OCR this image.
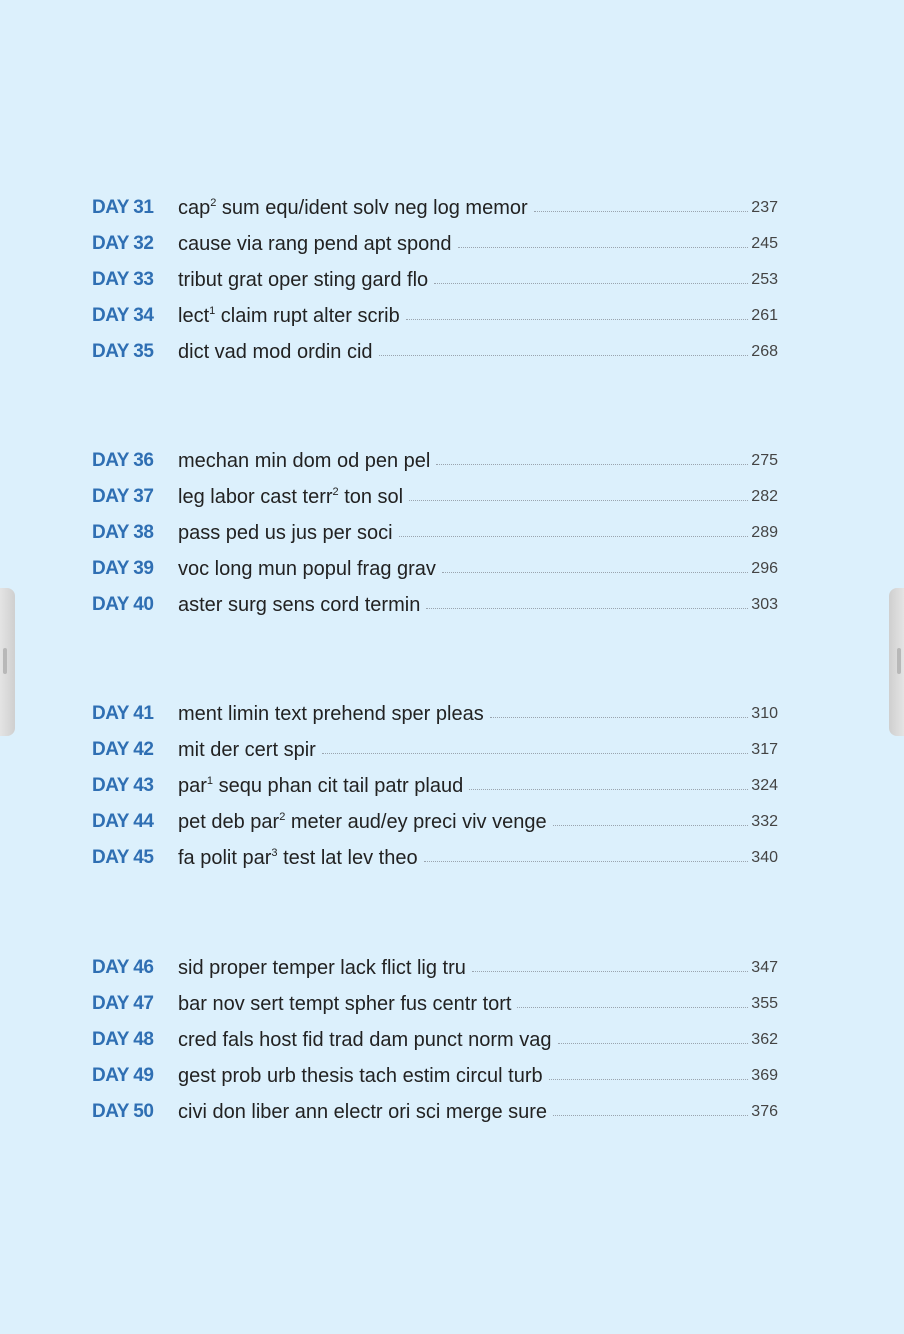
DAY 31	cap$^2$ sum equ/ident solv neg log memor	237
DAY 32	cause via rang pend apt spond	245
DAY 33	tribut grat oper sting gard flo	253
DAY 34	lect$^1$ claim rupt alter scrib	261
DAY 35	dict vad mod ordin cid	268
DAY 36	mechan min dom od pen pel	275
DAY 37	leg labor cast terr$^2$ ton sol	282
DAY 38	pass ped us jus per soci	289
DAY 39	voc long mun popul frag grav	296
DAY 40	aster surg sens cord termin	303
DAY 41	ment limin text prehend sper pleas	310
DAY 42	mit der cert spir	317
DAY 43	par$^1$ sequ phan cit tail patr plaud	324
DAY 44	pet deb par$^2$ meter aud/ey preci viv venge	332
DAY 45	fa polit par$^3$ test lat lev theo	340
DAY 46	sid proper temper lack flict lig tru	347
DAY 47	bar nov sert tempt spher fus centr tort	355
DAY 48	cred fals host fid trad dam punct norm vag	362
DAY 49	gest prob urb thesis tach estim circul turb	369
DAY 50	civi don liber ann electr ori sci merge sure	376
